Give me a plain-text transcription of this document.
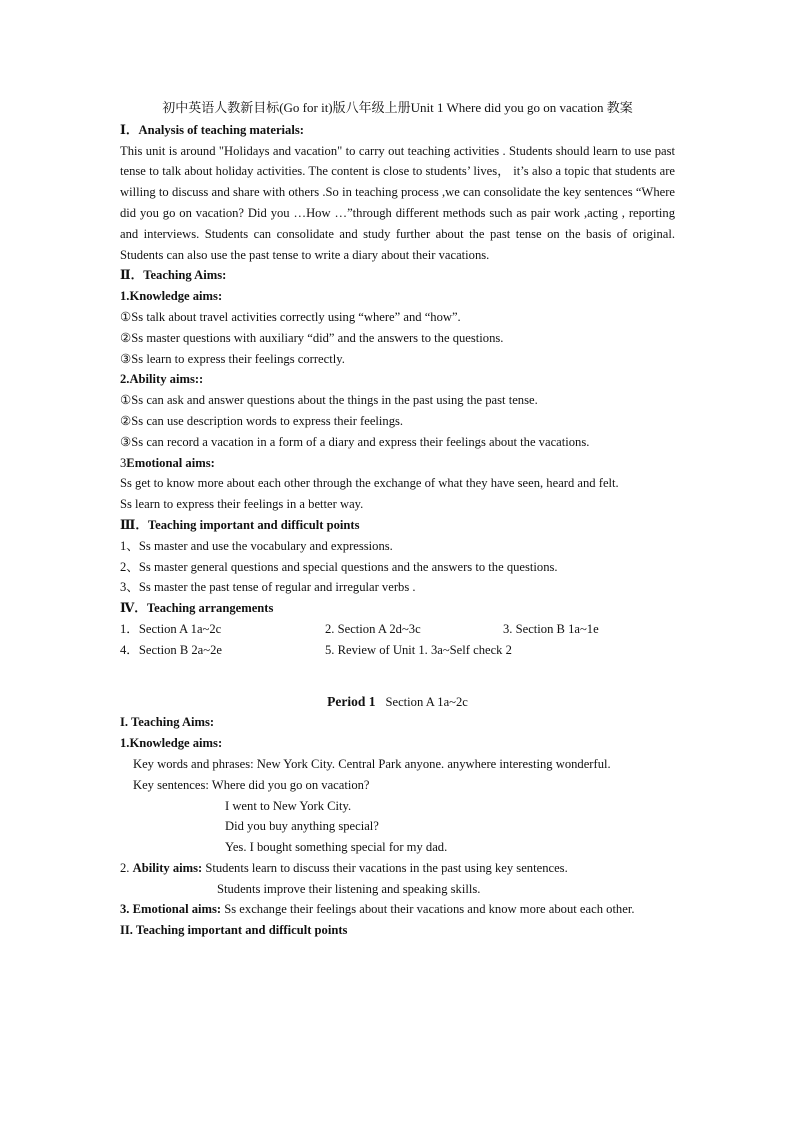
初中英语人教新目标(Go for it)版八年级上册Unit 1 Where did you go on vacation 教案
Ⅰ．Analysis of teaching materials:
This unit is around "Holidays and vacation" to carry out teaching activities . Students should learn to use past tense to talk about holiday activities. The content is close to students’ lives， it’s also a topic that students are willing to discuss and share with others .So in teaching process ,we can consolidate the key sentences “Where did you go on vacation? Did you …How …”through different methods such as pair work ,acting , reporting and interviews. Students can consolidate and study further about the past tense on the basis of original. Students can also use the past tense to write a diary about their vacations.
Ⅱ．Teaching Aims:
1.Knowledge aims:
①Ss talk about travel activities correctly using “where” and “how”.
②Ss master questions with auxiliary “did” and the answers to the questions.
③Ss learn to express their feelings correctly.
2.Ability aims::
①Ss can ask and answer questions about the things in the past using the past tense.
②Ss can use description words to express their feelings.
③Ss can record a vacation in a form of a diary and express their feelings about the vacations.
3Emotional aims:
Ss get to know more about each other through the exchange of what they have seen, heard and felt.
Ss learn to express their feelings in a better way.
Ⅲ．Teaching important and difficult points
1、Ss master and use the vocabulary and expressions.
2、Ss master general questions and special questions and the answers to the questions.
3、Ss master the past tense of regular and irregular verbs .
Ⅳ．Teaching arrangements
1．Section A 1a~2c	2. Section A 2d~3c	3. Section B 1a~1e
4．Section B 2a~2e	5. Review of Unit 1. 3a~Self check 2
Period 1 Section A 1a~2c
I. Teaching Aims:
1.Knowledge aims:
Key words and phrases: New York City. Central Park anyone. anywhere interesting wonderful.
Key sentences: Where did you go on vacation?
I went to New York City.
Did you buy anything special?
Yes. I bought something special for my dad.
2. Ability aims: Students learn to discuss their vacations in the past using key sentences.
Students improve their listening and speaking skills.
3. Emotional aims: Ss exchange their feelings about their vacations and know more about each other.
II. Teaching important and difficult points
